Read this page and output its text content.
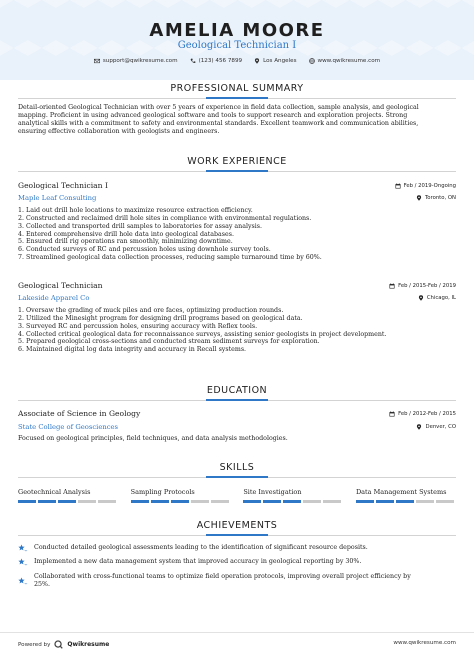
AMELIA MOORE
Geological Technician I
support@qwikresume.com	(123) 456 7899	Los Angeles	www.qwikresume.com
PROFESSIONAL SUMMARY
Detail-oriented Geological Technician with over 5 years of experience in field data collection, sample analysis, and geological
mapping. Proficient in using advanced geological software and tools to support research and exploration projects. Strong
analytical skills with a commitment to safety and environmental standards. Excellent teamwork and communication abilities,
ensuring effective collaboration with geologists and engineers.
WORK EXPERIENCE
Geological Technician I	Feb / 2019-Ongoing
Maple Leaf Consulting	Toronto, ON
1. Laid out drill hole locations to maximize resource extraction efficiency.
2. Constructed and reclaimed drill hole sites in compliance with environmental regulations.
3. Collected and transported drill samples to laboratories for assay analysis.
4. Entered comprehensive drill hole data into geological databases.
5. Ensured drill rig operations ran smoothly, minimizing downtime.
6. Conducted surveys of RC and percussion holes using downhole survey tools.
7. Streamlined geological data collection processes, reducing sample turnaround time by 60%.
Geological Technician	Feb / 2015-Feb / 2019
Lakeside Apparel Co	Chicago, IL
1. Oversaw the grading of muck piles and ore faces, optimizing production rounds.
2. Utilized the Minesight program for designing drill programs based on geological data.
3. Surveyed RC and percussion holes, ensuring accuracy with Reflex tools.
4. Collected critical geological data for reconnaissance surveys, assisting senior geologists in project development.
5. Prepared geological cross-sections and conducted stream sediment surveys for exploration.
6. Maintained digital log data integrity and accuracy in Recall systems.
EDUCATION
Associate of Science in Geology	Feb / 2012-Feb / 2015
State College of Geosciences	Denver, CO
Focused on geological principles, field techniques, and data analysis methodologies.
SKILLS
Geotechnical Analysis	Sampling Protocols	Site Investigation	Data Management Systems
ACHIEVEMENTS
Conducted detailed geological assessments leading to the identification of significant resource deposits.
Implemented a new data management system that improved accuracy in geological reporting by 30%.
Collaborated with cross-functional teams to optimize field operation protocols, improving overall project efficiency by
25%.
Powered by	Qwikresume	www.qwikresume.com
